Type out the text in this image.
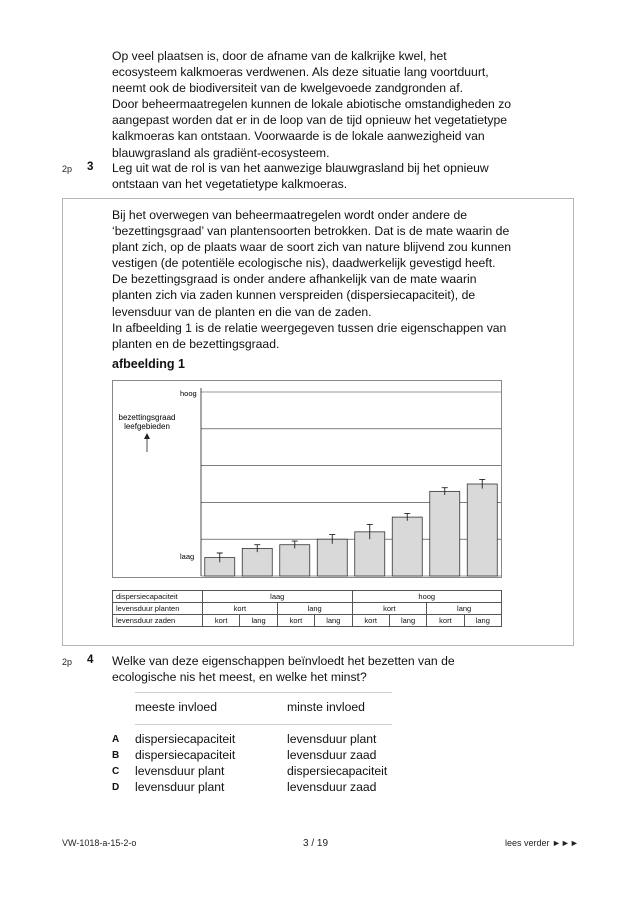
Op veel plaatsen is, door de afname van de kalkrijke kwel, het
ecosysteem kalkmoeras verdwenen. Als deze situatie lang voortduurt,
neemt ook de biodiversiteit van de kwelgevoede zandgronden af.
Door beheermaatregelen kunnen de lokale abiotische omstandigheden zo
aangepast worden dat er in de loop van de tijd opnieuw het vegetatietype
kalkmoeras kan ontstaan. Voorwaarde is de lokale aanwezigheid van
blauwgrasland als gradiënt-ecosysteem.
2p 3 Leg uit wat de rol is van het aanwezige blauwgrasland bij het opnieuw
ontstaan van het vegetatietype kalkmoeras.
Bij het overwegen van beheermaatregelen wordt onder andere de
‘bezettingsgraad’ van plantensoorten betrokken. Dat is de mate waarin de
plant zich, op de plaats waar de soort zich van nature blijvend zou kunnen
vestigen (de potentiële ecologische nis), daadwerkelijk gevestigd heeft.
De bezettingsgraad is onder andere afhankelijk van de mate waarin
planten zich via zaden kunnen verspreiden (dispersiecapaciteit), de
levensduur van de planten en die van de zaden.
In afbeelding 1 is de relatie weergegeven tussen drie eigenschappen van
planten en de bezettingsgraad.
afbeelding 1
hoog
laag
bezettingsgraad
leefgebieden
dispersiecapaciteit	laag				hoog			
levensduur planten	kort		lang		kort		lang	
levensduur zaden	kort	lang	kort	lang	kort	lang	kort	lang
2p 4 Welke van deze eigenschappen beïnvloedt het bezetten van de
ecologische nis het meest, en welke het minst?
meeste invloed	minste invloed
A dispersiecapaciteit	levensduur plant
B dispersiecapaciteit	levensduur zaad
C levensduur plant	dispersiecapaciteit
D levensduur plant	levensduur zaad
VW-1018-a-15-2-o	3 / 19	lees verder ►►►
